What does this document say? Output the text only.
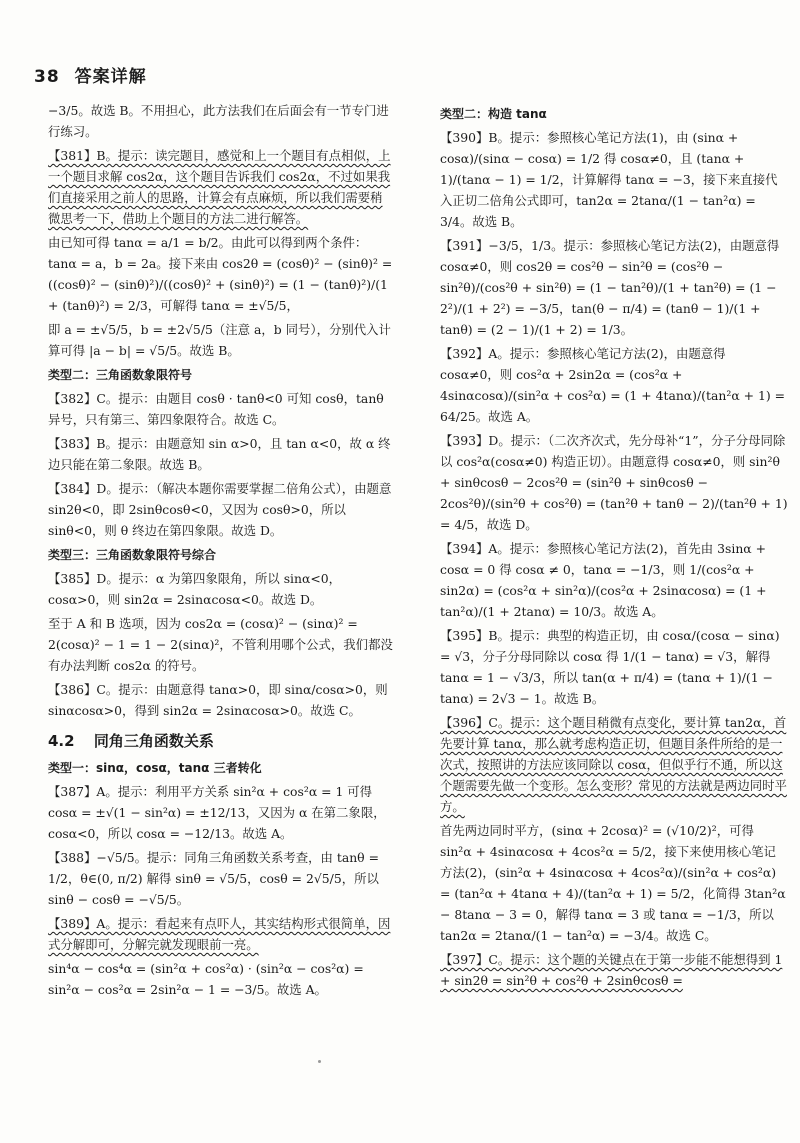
38 答案详解
−3/5。故选 B。不用担心，此方法我们在后面会有一节专门进行练习。
【381】B。提示：读完题目，感觉和上一个题目有点相似，上一个题目求解 cos2α，这个题目告诉我们 cos2α，不过如果我们直接采用之前人的思路，计算会有点麻烦，所以我们需要稍微思考一下，借助上个题目的方法二进行解答。
由已知可得 tanα = a/1 = b/2。由此可以得到两个条件：tanα = a，b = 2a。接下来由 cos2θ = (cosθ)² − (sinθ)² = ((cosθ)² − (sinθ)²)/((cosθ)² + (sinθ)²) = (1 − (tanθ)²)/(1 + (tanθ)²) = 2/3，可解得 tanα = ±√5/5，
即 a = ±√5/5，b = ±2√5/5（注意 a，b 同号），分别代入计算可得 |a − b| = √5/5。故选 B。
类型二：三角函数象限符号
【382】C。提示：由题目 cosθ · tanθ<0 可知 cosθ，tanθ 异号，只有第三、第四象限符合。故选 C。
【383】B。提示：由题意知 sin α>0，且 tan α<0，故 α 终边只能在第二象限。故选 B。
【384】D。提示：（解决本题你需要掌握二倍角公式），由题意 sin2θ<0，即 2sinθcosθ<0，又因为 cosθ>0，所以 sinθ<0，则 θ 终边在第四象限。故选 D。
类型三：三角函数象限符号综合
【385】D。提示：α 为第四象限角，所以 sinα<0，cosα>0，则 sin2α = 2sinαcosα<0。故选 D。
至于 A 和 B 选项，因为 cos2α = (cosα)² − (sinα)² = 2(cosα)² − 1 = 1 − 2(sinα)²，不管利用哪个公式，我们都没有办法判断 cos2α 的符号。
【386】C。提示：由题意得 tanα>0，即 sinα/cosα>0，则 sinαcosα>0，得到 sin2α = 2sinαcosα>0。故选 C。
4.2 同角三角函数关系
类型一：sinα，cosα，tanα 三者转化
【387】A。提示：利用平方关系 sin²α + cos²α = 1 可得 cosα = ±√(1 − sin²α) = ±12/13，又因为 α 在第二象限，cosα<0，所以 cosα = −12/13。故选 A。
【388】−√5/5。提示：同角三角函数关系考查，由 tanθ = 1/2，θ∈(0, π/2) 解得 sinθ = √5/5，cosθ = 2√5/5，所以 sinθ − cosθ = −√5/5。
【389】A。提示：看起来有点吓人，其实结构形式很简单，因式分解即可，分解完就发现眼前一亮。
sin⁴α − cos⁴α = (sin²α + cos²α) · (sin²α − cos²α) = sin²α − cos²α = 2sin²α − 1 = −3/5。故选 A。
类型二：构造 tanα
【390】B。提示：参照核心笔记方法(1)，由 (sinα + cosα)/(sinα − cosα) = 1/2 得 cosα≠0，且 (tanα + 1)/(tanα − 1) = 1/2，计算解得 tanα = −3，接下来直接代入正切二倍角公式即可，tan2α = 2tanα/(1 − tan²α) = 3/4。故选 B。
【391】−3/5，1/3。提示：参照核心笔记方法(2)，由题意得 cosα≠0，则 cos2θ = cos²θ − sin²θ = (cos²θ − sin²θ)/(cos²θ + sin²θ) = (1 − tan²θ)/(1 + tan²θ) = (1 − 2²)/(1 + 2²) = −3/5，tan(θ − π/4) = (tanθ − 1)/(1 + tanθ) = (2 − 1)/(1 + 2) = 1/3。
【392】A。提示：参照核心笔记方法(2)，由题意得 cosα≠0，则 cos²α + 2sin2α = (cos²α + 4sinαcosα)/(sin²α + cos²α) = (1 + 4tanα)/(tan²α + 1) = 64/25。故选 A。
【393】D。提示：（二次齐次式，先分母补“1”，分子分母同除以 cos²α(cosα≠0) 构造正切）。由题意得 cosα≠0，则 sin²θ + sinθcosθ − 2cos²θ = (sin²θ + sinθcosθ − 2cos²θ)/(sin²θ + cos²θ) = (tan²θ + tanθ − 2)/(tan²θ + 1) = 4/5，故选 D。
【394】A。提示：参照核心笔记方法(2)，首先由 3sinα + cosα = 0 得 cosα ≠ 0，tanα = −1/3，则 1/(cos²α + sin2α) = (cos²α + sin²α)/(cos²α + 2sinαcosα) = (1 + tan²α)/(1 + 2tanα) = 10/3。故选 A。
【395】B。提示：典型的构造正切，由 cosα/(cosα − sinα) = √3，分子分母同除以 cosα 得 1/(1 − tanα) = √3，解得 tanα = 1 − √3/3，所以 tan(α + π/4) = (tanα + 1)/(1 − tanα) = 2√3 − 1。故选 B。
【396】C。提示：这个题目稍微有点变化，要计算 tan2α，首先要计算 tanα，那么就考虑构造正切，但题目条件所给的是一次式，按照讲的方法应该同除以 cosα，但似乎行不通，所以这个题需要先做一个变形。怎么变形？常见的方法就是两边同时平方。
首先两边同时平方，(sinα + 2cosα)² = (√10/2)²，可得 sin²α + 4sinαcosα + 4cos²α = 5/2，接下来使用核心笔记方法(2)，(sin²α + 4sinαcosα + 4cos²α)/(sin²α + cos²α) = (tan²α + 4tanα + 4)/(tan²α + 1) = 5/2，化简得 3tan²α − 8tanα − 3 = 0，解得 tanα = 3 或 tanα = −1/3，所以 tan2α = 2tanα/(1 − tan²α) = −3/4。故选 C。
【397】C。提示：这个题的关键点在于第一步能不能想得到 1 + sin2θ = sin²θ + cos²θ + 2sinθcosθ =
